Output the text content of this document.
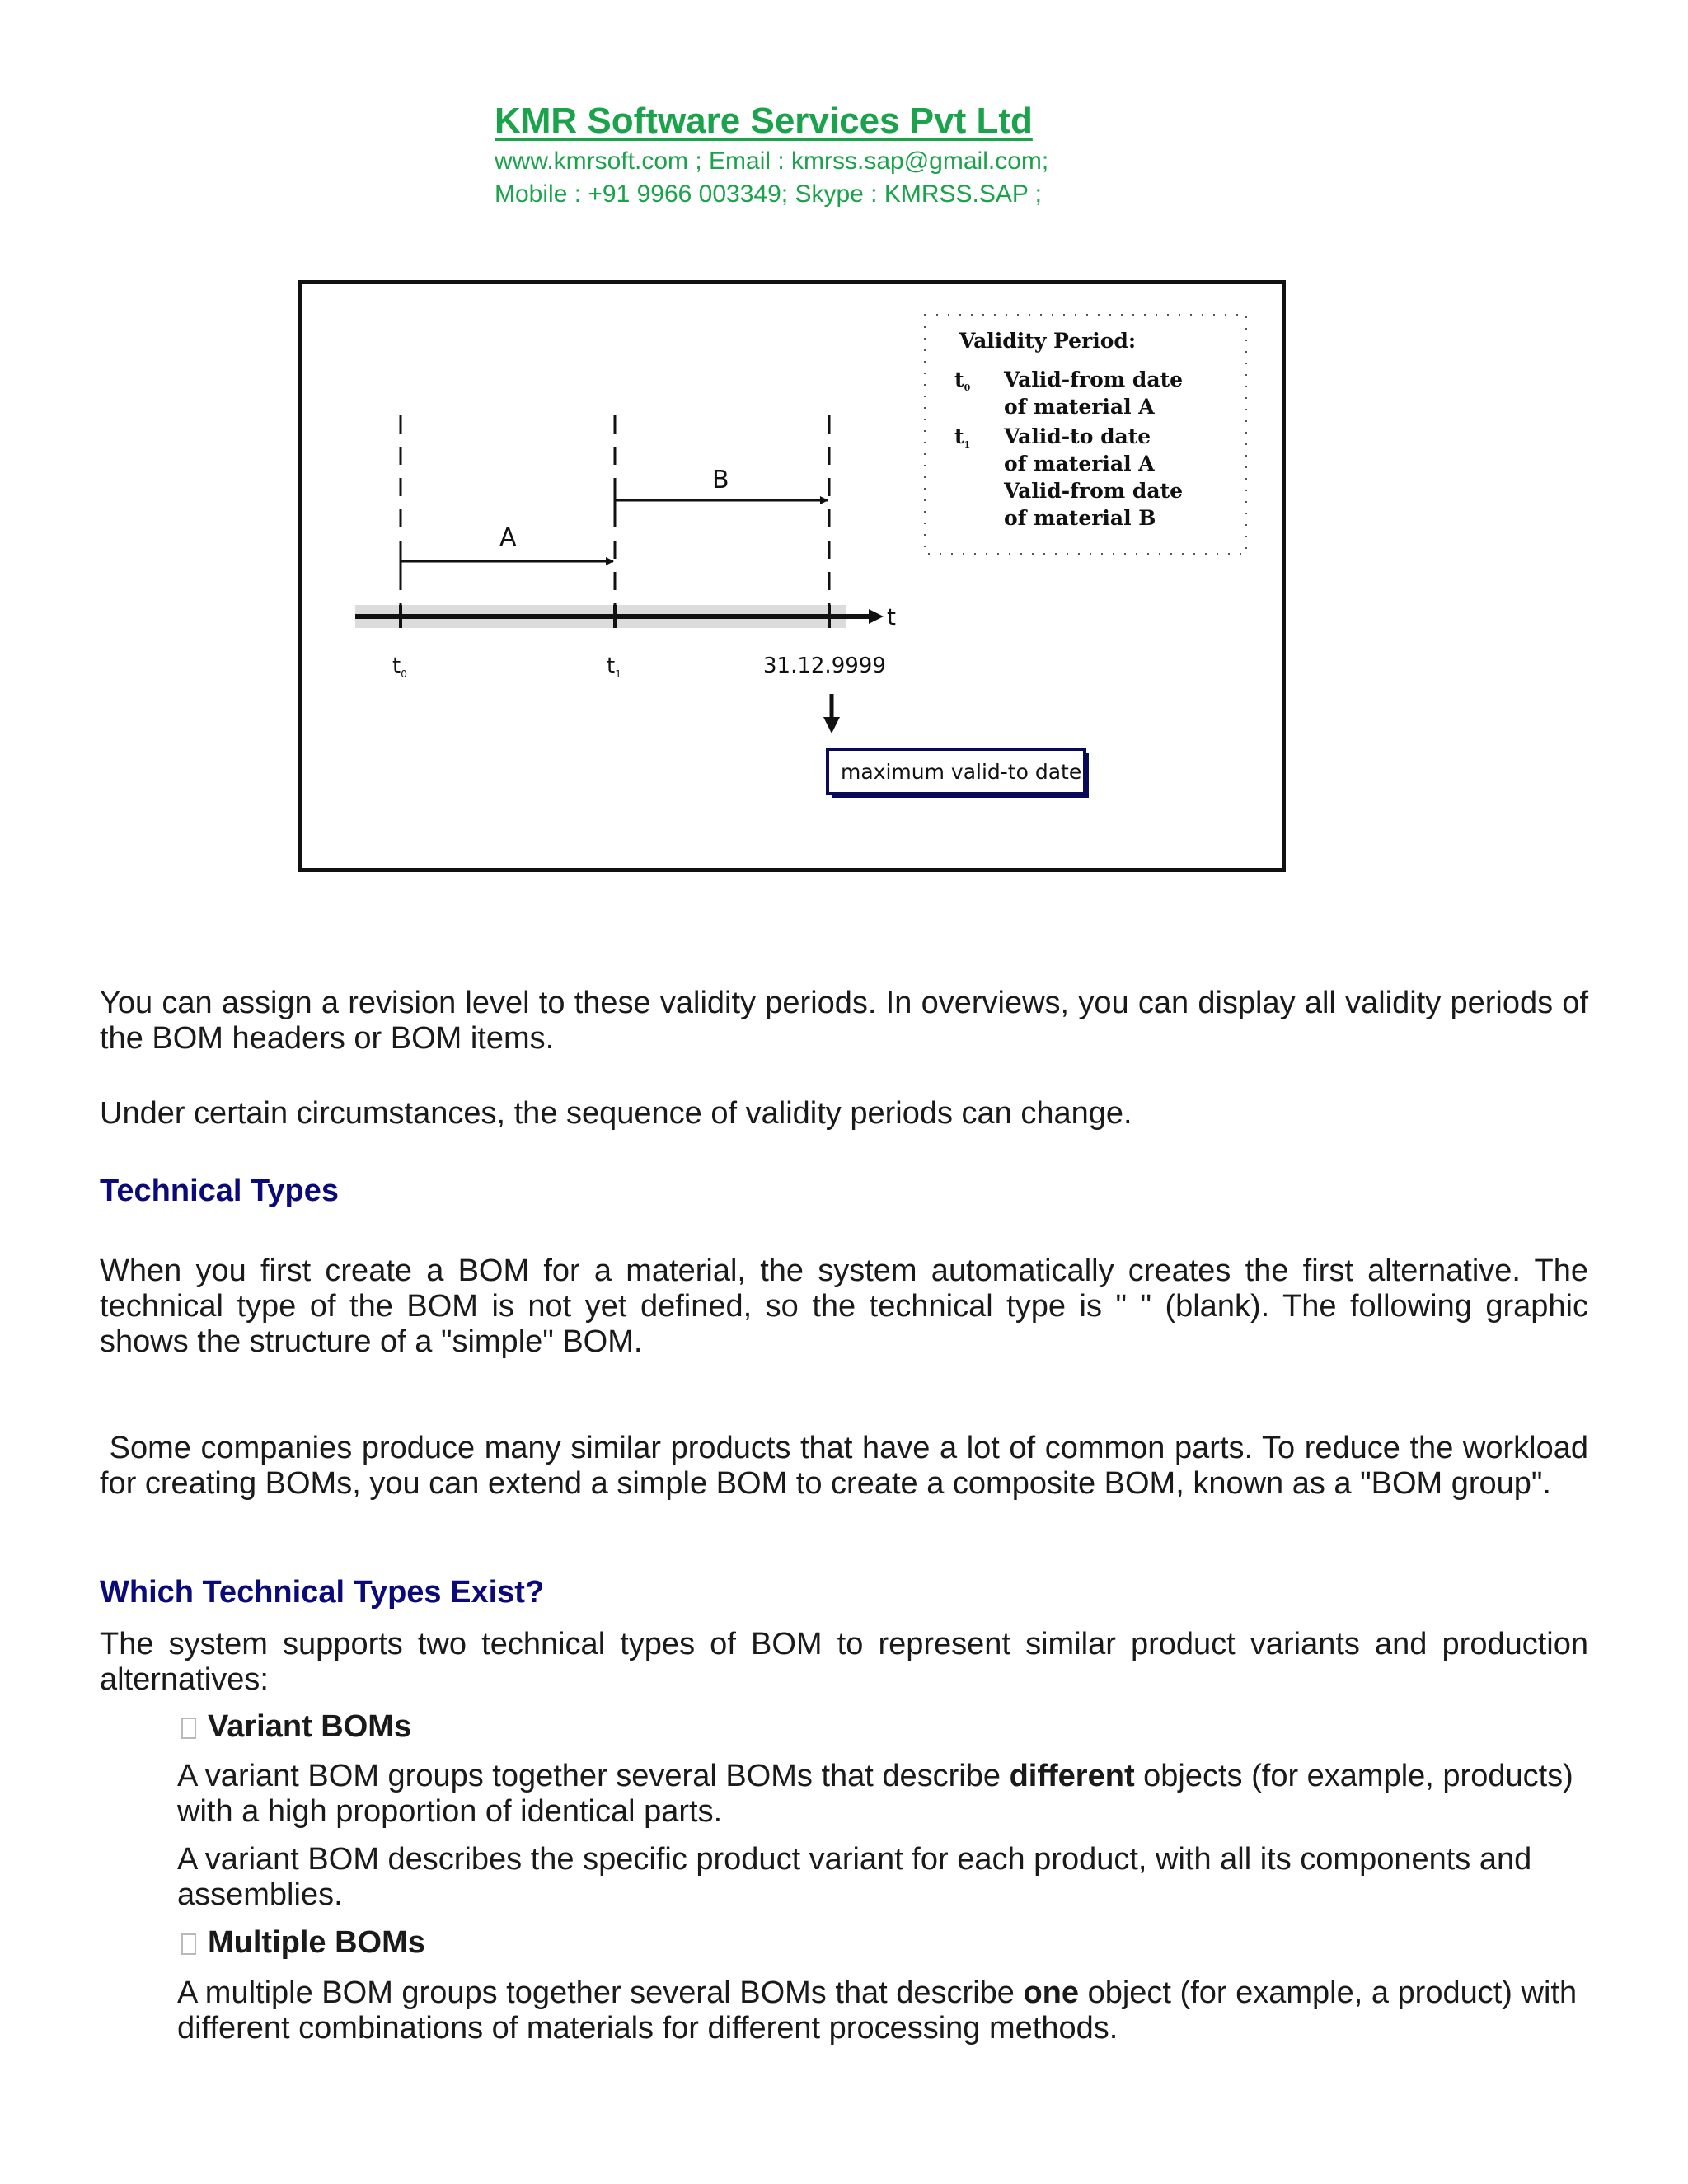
KMR Software Services Pvt Ltd
www.kmrsoft.com ; Email : kmrss.sap@gmail.com;
Mobile : +91 9966 003349; Skype : KMRSS.SAP ;
A
B
t
$t_0$	$t_1$	31.12.9999
maximum valid-to date
Validity Period:
$t_0$ Valid-from date
of material A
$t_1$ Valid-to date
of material A
Valid-from date
of material B
You can assign a revision level to these validity periods. In overviews, you can display all validity periods of the BOM headers or BOM items.
Under certain circumstances, the sequence of validity periods can change.
Technical Types
When you first create a BOM for a material, the system automatically creates the first alternative. The technical type of the BOM is not yet defined, so the technical type is " " (blank). The following graphic shows the structure of a "simple" BOM.
Some companies produce many similar products that have a lot of common parts. To reduce the workload for creating BOMs, you can extend a simple BOM to create a composite BOM, known as a "BOM group".
Which Technical Types Exist?
The system supports two technical types of BOM to represent similar product variants and production alternatives:
Variant BOMs
A variant BOM groups together several BOMs that describe different objects (for example, products) with a high proportion of identical parts.
A variant BOM describes the specific product variant for each product, with all its components and assemblies.
Multiple BOMs
A multiple BOM groups together several BOMs that describe one object (for example, a product) with different combinations of materials for different processing methods.
